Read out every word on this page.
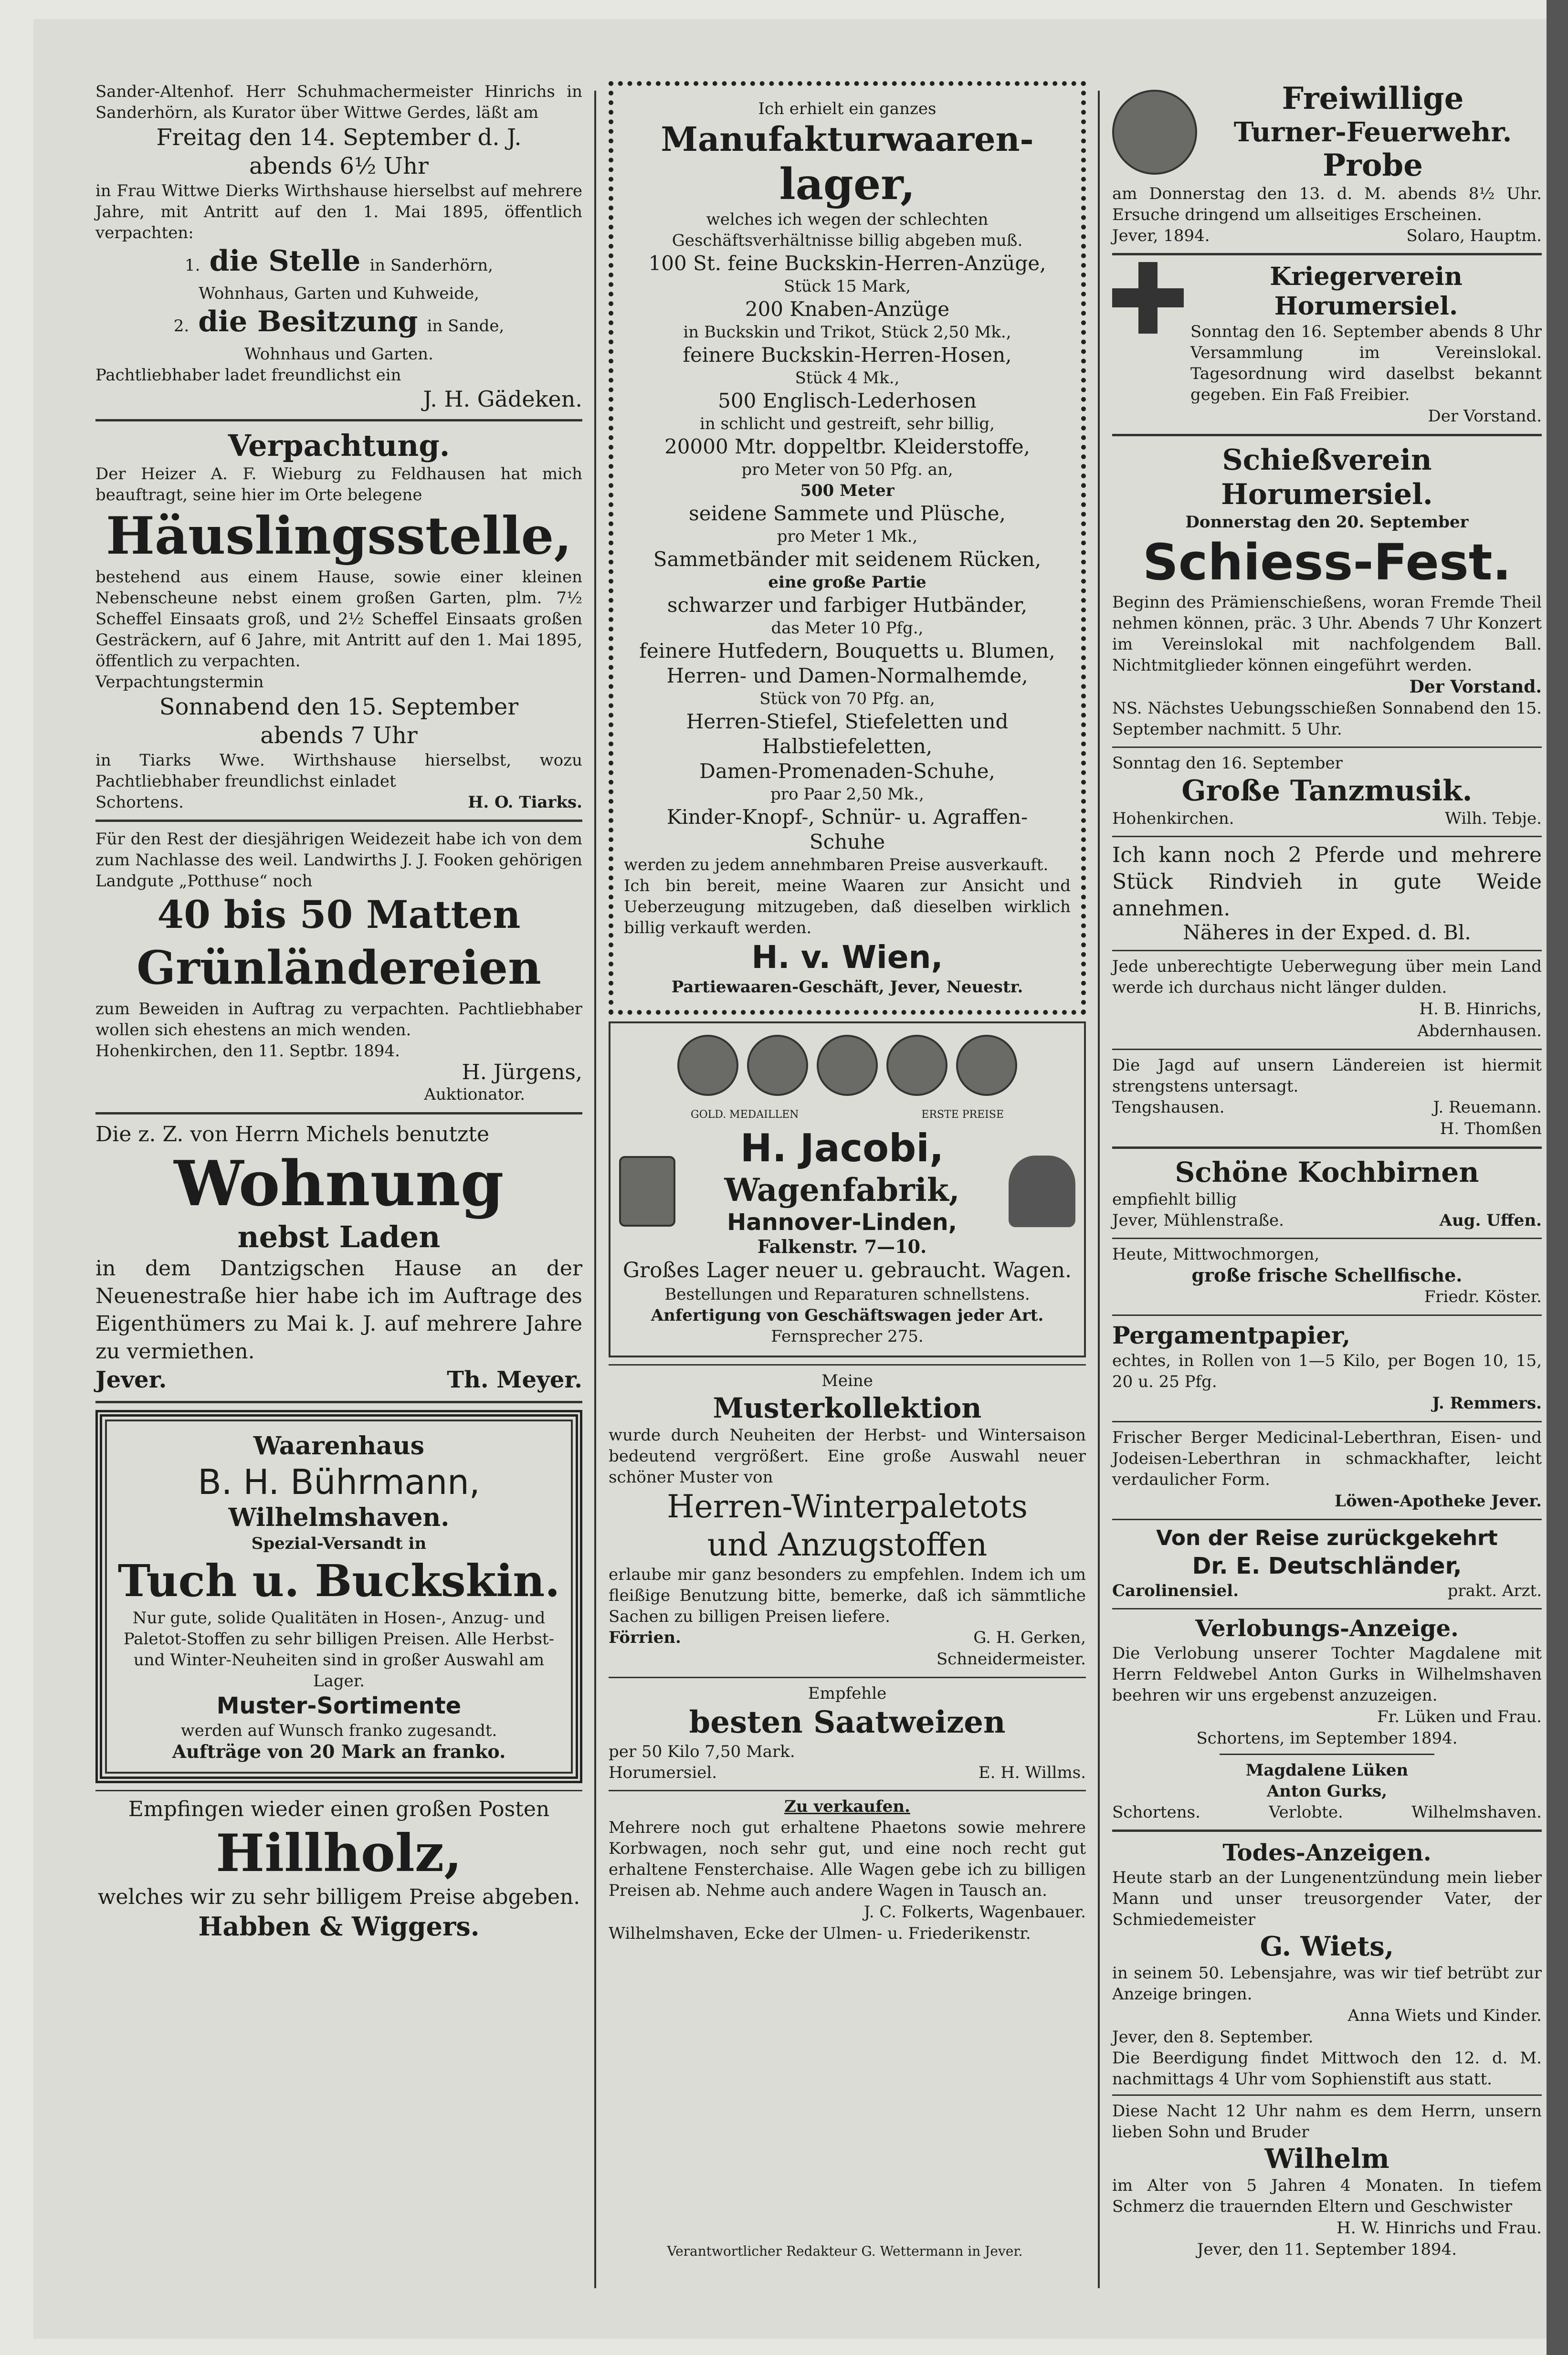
Sander-Altenhof. Herr Schuhmachermeister Hinrichs in Sanderhörn, als Kurator über Wittwe Gerdes, läßt am
Freitag den 14. September d. J.
abends 6½ Uhr
in Frau Wittwe Dierks Wirthshause hierselbst auf mehrere Jahre, mit Antritt auf den 1. Mai 1895, öffentlich verpachten:
1. die Stelle in Sanderhörn,
Wohnhaus, Garten und Kuhweide,
2. die Besitzung in Sande,
Wohnhaus und Garten.
Pachtliebhaber ladet freundlichst ein
J. H. Gädeken.
Verpachtung.
Der Heizer A. F. Wieburg zu Feldhausen hat mich beauftragt, seine hier im Orte belegene
Häuslingsstelle,
bestehend aus einem Hause, sowie einer kleinen Nebenscheune nebst einem großen Garten, plm. 7½ Scheffel Einsaats groß, und 2½ Scheffel Einsaats großen Gesträckern, auf 6 Jahre, mit Antritt auf den 1. Mai 1895, öffentlich zu verpachten.
Verpachtungstermin
Sonnabend den 15. September
abends 7 Uhr
in Tiarks Wwe. Wirthshause hierselbst, wozu Pachtliebhaber freundlichst einladet
Schortens.	H. O. Tiarks.
Für den Rest der diesjährigen Weidezeit habe ich von dem zum Nachlasse des weil. Landwirths J. J. Fooken gehörigen Landgute „Potthuse“ noch
40 bis 50 Matten
Grünländereien
zum Beweiden in Auftrag zu verpachten. Pachtliebhaber wollen sich ehestens an mich wenden.
Hohenkirchen, den 11. Septbr. 1894.
H. Jürgens,
Auktionator.
Die z. Z. von Herrn Michels benutzte
Wohnung
nebst Laden
in dem Dantzigschen Hause an der Neuenestraße hier habe ich im Auftrage des Eigenthümers zu Mai k. J. auf mehrere Jahre zu vermiethen.
Jever.	Th. Meyer.
Waarenhaus
B. H. Bührmann,
Wilhelmshaven.
Spezial-Versandt in
Tuch u. Buckskin.
Nur gute, solide Qualitäten in Hosen-, Anzug- und Paletot-Stoffen zu sehr billigen Preisen. Alle Herbst- und Winter-Neuheiten sind in großer Auswahl am Lager.
Muster-Sortimente
werden auf Wunsch franko zugesandt.
Aufträge von 20 Mark an franko.
Empfingen wieder einen großen Posten
Hillholz,
welches wir zu sehr billigem Preise abgeben.
Habben & Wiggers.
Ich erhielt ein ganzes
Manufakturwaaren-
lager,
welches ich wegen der schlechten Geschäftsverhältnisse billig abgeben muß.
100 St. feine Buckskin-Herren-Anzüge,
Stück 15 Mark,
200 Knaben-Anzüge
in Buckskin und Trikot, Stück 2,50 Mk.,
feinere Buckskin-Herren-Hosen,
Stück 4 Mk.,
500 Englisch-Lederhosen
in schlicht und gestreift, sehr billig,
20000 Mtr. doppeltbr. Kleiderstoffe,
pro Meter von 50 Pfg. an,
500 Meter
seidene Sammete und Plüsche,
pro Meter 1 Mk.,
Sammetbänder mit seidenem Rücken,
eine große Partie
schwarzer und farbiger Hutbänder,
das Meter 10 Pfg.,
feinere Hutfedern, Bouquetts u. Blumen,
Herren- und Damen-Normalhemde,
Stück von 70 Pfg. an,
Herren-Stiefel, Stiefeletten und
Halbstiefeletten,
Damen-Promenaden-Schuhe,
pro Paar 2,50 Mk.,
Kinder-Knopf-, Schnür- u. Agraffen-
Schuhe
werden zu jedem annehmbaren Preise ausverkauft.
Ich bin bereit, meine Waaren zur Ansicht und Ueberzeugung mitzugeben, daß dieselben wirklich billig verkauft werden.
H. v. Wien,
Partiewaaren-Geschäft, Jever, Neuestr.
GOLD. MEDAILLEN	ERSTE PREISE
H. Jacobi,
Wagenfabrik,
Hannover-Linden,
Falkenstr. 7—10.
Großes Lager neuer u. gebraucht. Wagen.
Bestellungen und Reparaturen schnellstens.
Anfertigung von Geschäftswagen jeder Art.
Fernsprecher 275.
Meine
Musterkollektion
wurde durch Neuheiten der Herbst- und Wintersaison bedeutend vergrößert. Eine große Auswahl neuer schöner Muster von
Herren-Winterpaletots
und Anzugstoffen
erlaube mir ganz besonders zu empfehlen. Indem ich um fleißige Benutzung bitte, bemerke, daß ich sämmtliche Sachen zu billigen Preisen liefere.
Förrien.	G. H. Gerken,
Schneidermeister.
Empfehle
besten Saatweizen
per 50 Kilo 7,50 Mark.
Horumersiel.	E. H. Willms.
Zu verkaufen.
Mehrere noch gut erhaltene Phaetons sowie mehrere Korbwagen, noch sehr gut, und eine noch recht gut erhaltene Fensterchaise. Alle Wagen gebe ich zu billigen Preisen ab. Nehme auch andere Wagen in Tausch an.
J. C. Folkerts, Wagenbauer.
Wilhelmshaven, Ecke der Ulmen- u. Friederikenstr.
Freiwillige
Turner-Feuerwehr.
Probe
am Donnerstag den 13. d. M. abends 8½ Uhr. Ersuche dringend um allseitiges Erscheinen.
Jever, 1894.	Solaro, Hauptm.
Kriegerverein Horumersiel.
Sonntag den 16. September abends 8 Uhr Versammlung im Vereinslokal. Tagesordnung wird daselbst bekannt gegeben. Ein Faß Freibier.
Der Vorstand.
Schießverein Horumersiel.
Donnerstag den 20. September
Schiess-Fest.
Beginn des Prämienschießens, woran Fremde Theil nehmen können, präc. 3 Uhr. Abends 7 Uhr Konzert im Vereinslokal mit nachfolgendem Ball. Nichtmitglieder können eingeführt werden.
Der Vorstand.
NS. Nächstes Uebungsschießen Sonnabend den 15. September nachmitt. 5 Uhr.
Sonntag den 16. September
Große Tanzmusik.
Hohenkirchen.	Wilh. Tebje.
Ich kann noch 2 Pferde und mehrere Stück Rindvieh in gute Weide annehmen.
Näheres in der Exped. d. Bl.
Jede unberechtigte Ueberwegung über mein Land werde ich durchaus nicht länger dulden.
H. B. Hinrichs,
Abdernhausen.
Die Jagd auf unsern Ländereien ist hiermit strengstens untersagt.
Tengshausen.	J. Reuemann.
H. Thomßen
Schöne Kochbirnen
empfiehlt billig
Jever, Mühlenstraße.	Aug. Uffen.
Heute, Mittwochmorgen,
große frische Schellfische.
Friedr. Köster.
Pergamentpapier,
echtes, in Rollen von 1—5 Kilo, per Bogen 10, 15, 20 u. 25 Pfg.
J. Remmers.
Frischer Berger Medicinal-Leberthran, Eisen- und Jodeisen-Leberthran in schmackhafter, leicht verdaulicher Form.
Löwen-Apotheke Jever.
Von der Reise zurückgekehrt
Dr. E. Deutschländer,
Carolinensiel.	prakt. Arzt.
Verlobungs-Anzeige.
Die Verlobung unserer Tochter Magdalene mit Herrn Feldwebel Anton Gurks in Wilhelmshaven beehren wir uns ergebenst anzuzeigen.
Fr. Lüken und Frau.
Schortens, im September 1894.
Magdalene Lüken
Anton Gurks,
Schortens.	Verlobte.	Wilhelmshaven.
Todes-Anzeigen.
Heute starb an der Lungenentzündung mein lieber Mann und unser treusorgender Vater, der Schmiedemeister
G. Wiets,
in seinem 50. Lebensjahre, was wir tief betrübt zur Anzeige bringen.
Anna Wiets und Kinder.
Jever, den 8. September.
Die Beerdigung findet Mittwoch den 12. d. M. nachmittags 4 Uhr vom Sophienstift aus statt.
Diese Nacht 12 Uhr nahm es dem Herrn, unsern lieben Sohn und Bruder
Wilhelm
im Alter von 5 Jahren 4 Monaten. In tiefem Schmerz die trauernden Eltern und Geschwister
H. W. Hinrichs und Frau.
Jever, den 11. September 1894.
Verantwortlicher Redakteur G. Wettermann in Jever.
